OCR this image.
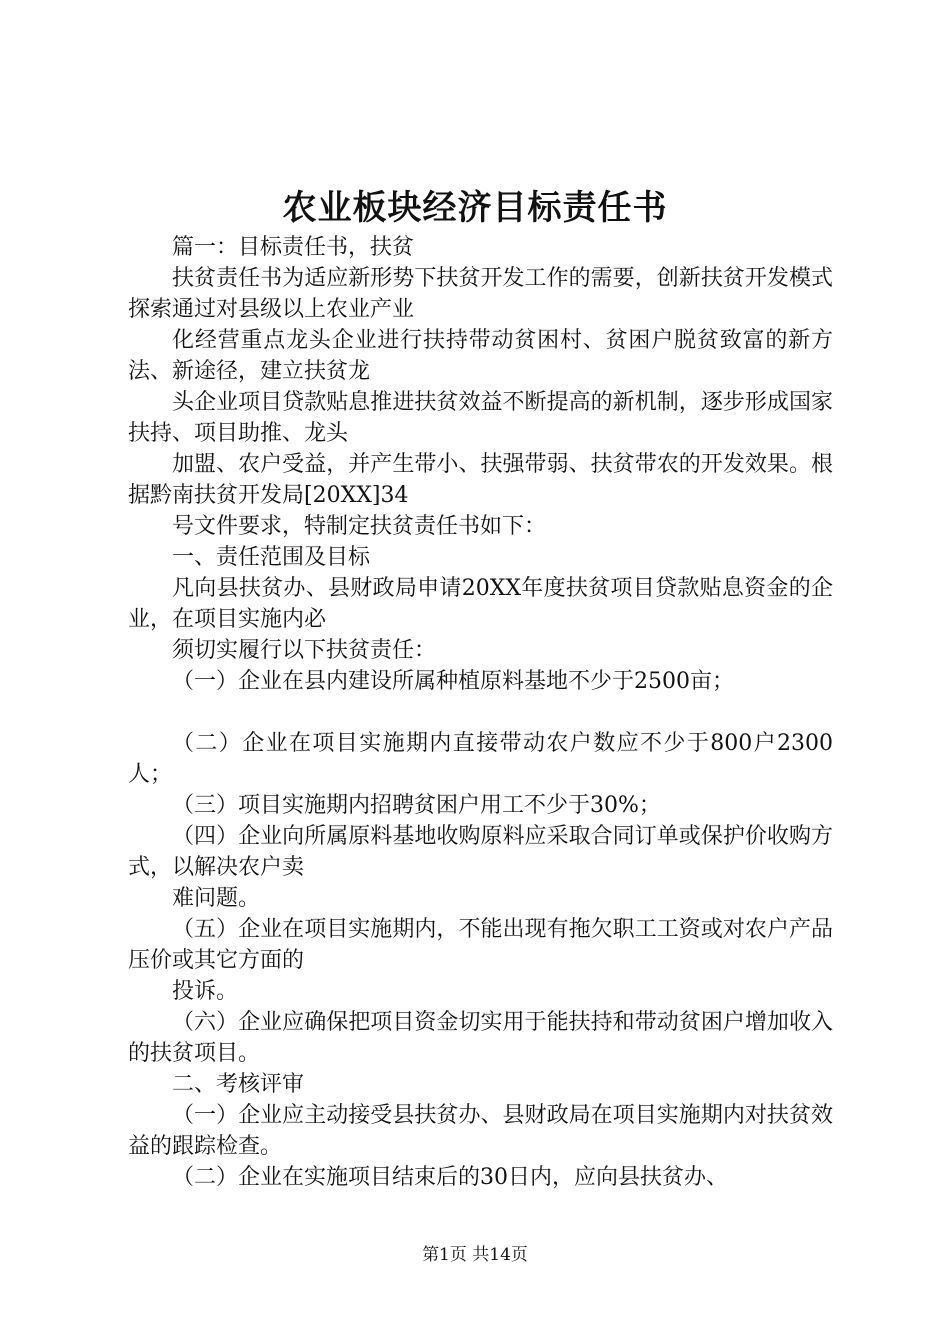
农业板块经济目标责任书

篇一：目标责任书，扶贫

扶贫责任书为适应新形势下扶贫开发工作的需要，创新扶贫开发模式探索通过对县级以上农业产业

化经营重点龙头企业进行扶持带动贫困村、贫困户脱贫致富的新方法、新途径，建立扶贫龙

头企业项目贷款贴息推进扶贫效益不断提高的新机制，逐步形成国家扶持、项目助推、龙头

加盟、农户受益，并产生带小、扶强带弱、扶贫带农的开发效果。根据黔南扶贫开发局[20XX]34

号文件要求，特制定扶贫责任书如下：

一、责任范围及目标

凡向县扶贫办、县财政局申请20XX年度扶贫项目贷款贴息资金的企业，在项目实施内必

须切实履行以下扶贫责任：

（一）企业在县内建设所属种植原料基地不少于2500亩；

（二）企业在项目实施期内直接带动农户数应不少于800户2300人；

（三）项目实施期内招聘贫困户用工不少于30%；

（四）企业向所属原料基地收购原料应采取合同订单或保护价收购方式，以解决农户卖

难问题。

（五）企业在项目实施期内，不能出现有拖欠职工工资或对农户产品压价或其它方面的

投诉。

（六）企业应确保把项目资金切实用于能扶持和带动贫困户增加收入的扶贫项目。

二、考核评审

（一）企业应主动接受县扶贫办、县财政局在项目实施期内对扶贫效益的跟踪检查。

（二）企业在实施项目结束后的30日内，应向县扶贫办、

第1页 共14页
